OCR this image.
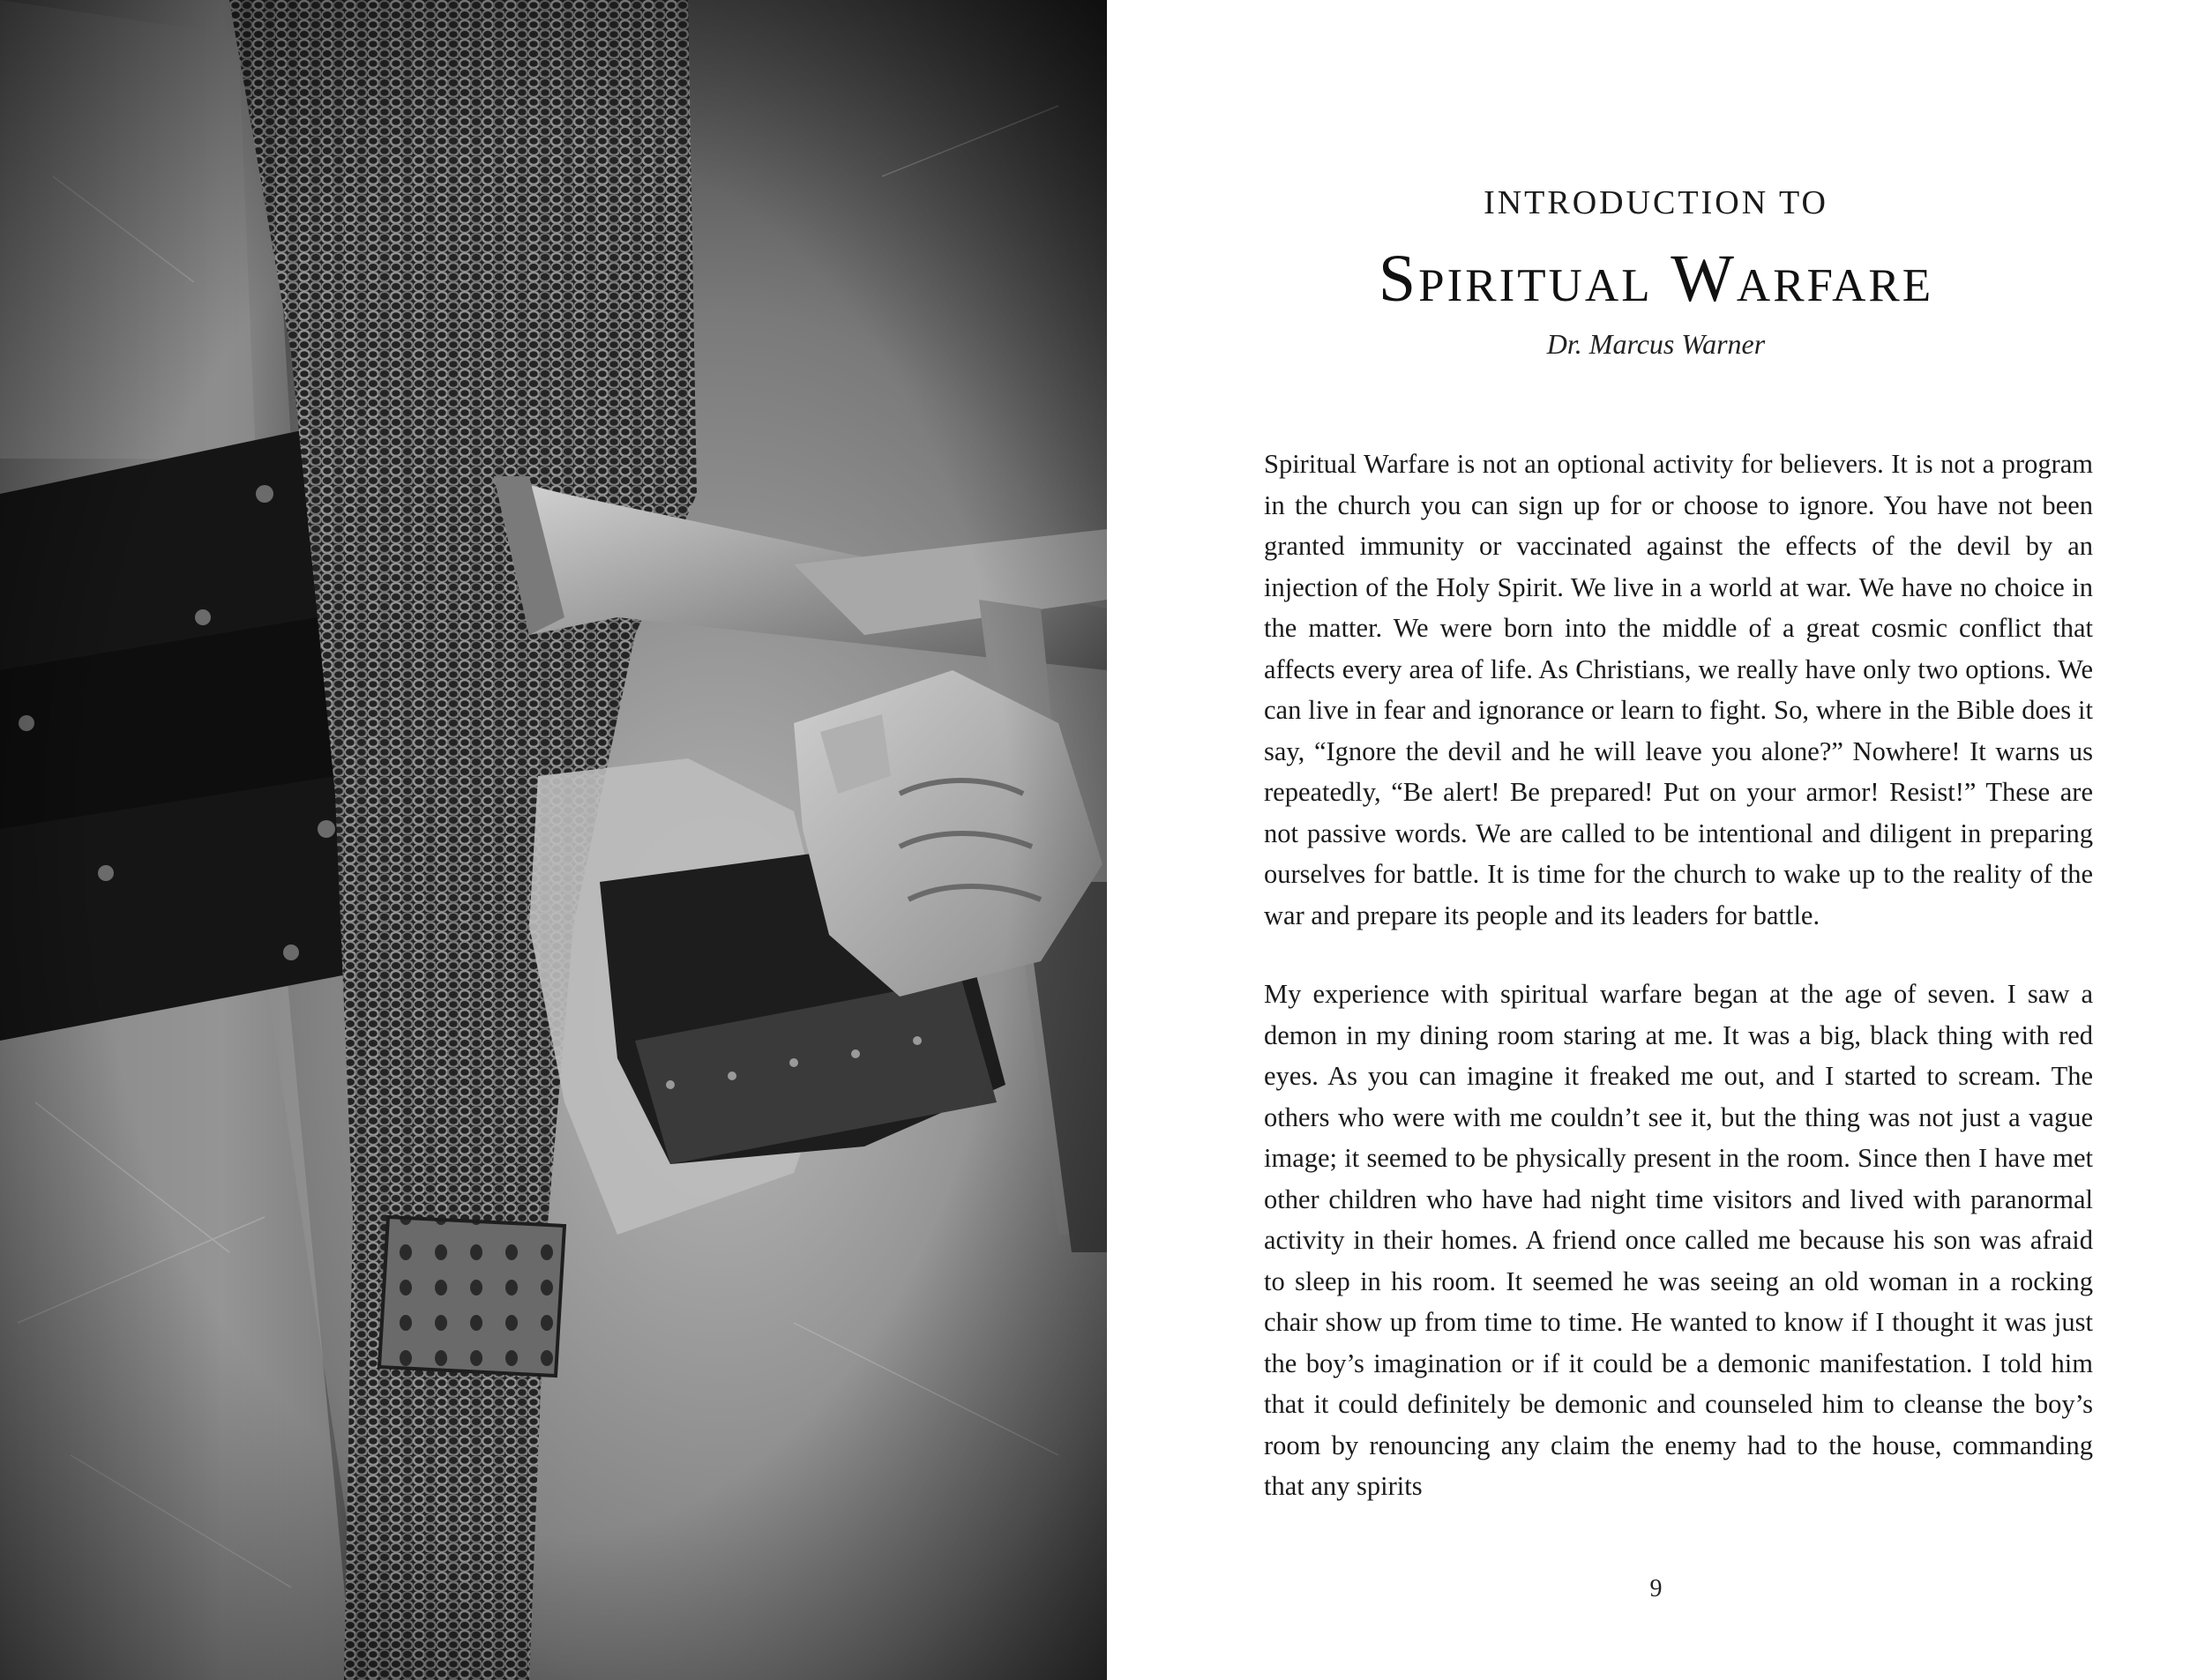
INTRODUCTION TO
Spiritual Warfare
Dr. Marcus Warner

Spiritual Warfare is not an optional activity for believers. It is not a program in the church you can sign up for or choose to ignore. You have not been granted immunity or vaccinated against the effects of the devil by an injection of the Holy Spirit. We live in a world at war. We have no choice in the matter. We were born into the middle of a great cosmic conflict that affects every area of life. As Christians, we really have only two options. We can live in fear and ignorance or learn to fight. So, where in the Bible does it say, “Ignore the devil and he will leave you alone?” Nowhere! It warns us repeatedly, “Be alert! Be prepared! Put on your armor! Resist!” These are not passive words. We are called to be intentional and diligent in preparing ourselves for battle. It is time for the church to wake up to the reality of the war and prepare its people and its leaders for battle.

My experience with spiritual warfare began at the age of seven. I saw a demon in my dining room staring at me. It was a big, black thing with red eyes. As you can imagine it freaked me out, and I started to scream. The others who were with me couldn’t see it, but the thing was not just a vague image; it seemed to be physically present in the room. Since then I have met other children who have had night time visitors and lived with paranormal activity in their homes. A friend once called me because his son was afraid to sleep in his room. It seemed he was seeing an old woman in a rocking chair show up from time to time. He wanted to know if I thought it was just the boy’s imagination or if it could be a demonic manifestation. I told him that it could definitely be demonic and counseled him to cleanse the boy’s room by renouncing any claim the enemy had to the house, commanding that any spirits

9
